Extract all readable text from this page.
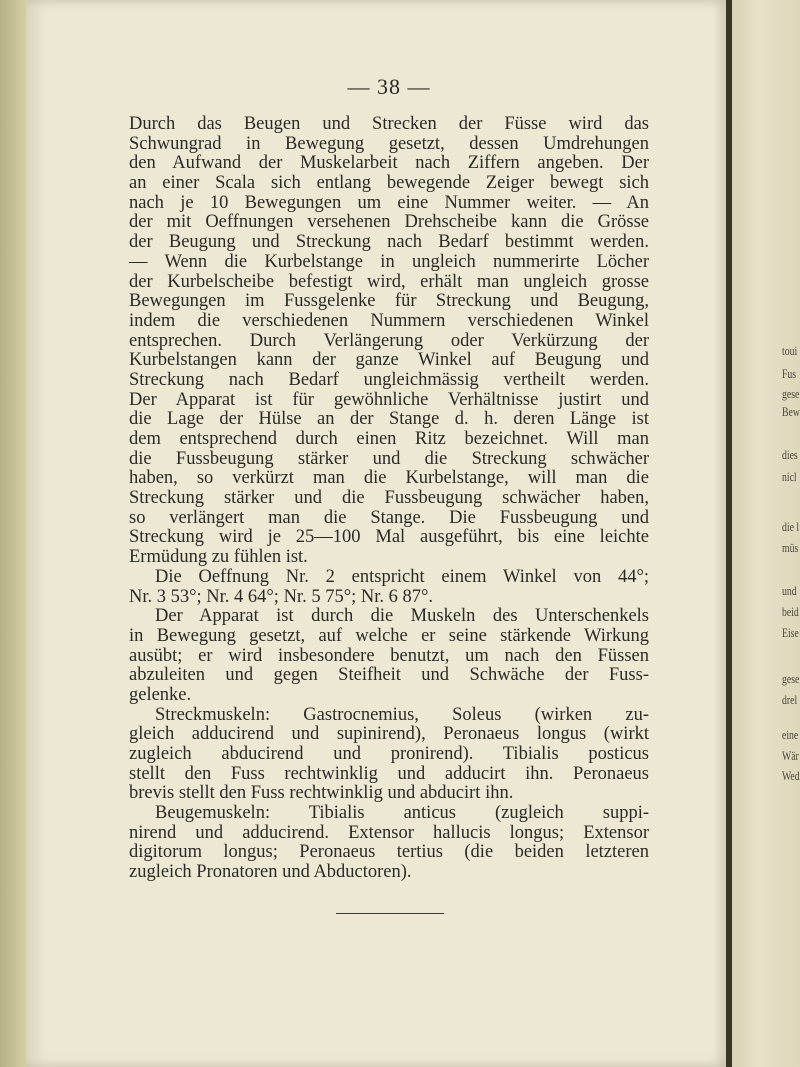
— 38 —
Durch das Beugen und Strecken der Füsse wird das
Schwungrad in Bewegung gesetzt, dessen Umdrehungen
den Aufwand der Muskelarbeit nach Ziffern angeben. Der
an einer Scala sich entlang bewegende Zeiger bewegt sich
nach je 10 Bewegungen um eine Nummer weiter. — An
der mit Oeffnungen versehenen Drehscheibe kann die Grösse
der Beugung und Streckung nach Bedarf bestimmt werden.
— Wenn die Kurbelstange in ungleich nummerirte Löcher
der Kurbelscheibe befestigt wird, erhält man ungleich grosse
Bewegungen im Fussgelenke für Streckung und Beugung,
indem die verschiedenen Nummern verschiedenen Winkel
entsprechen. Durch Verlängerung oder Verkürzung der
Kurbelstangen kann der ganze Winkel auf Beugung und
Streckung nach Bedarf ungleichmässig vertheilt werden.
Der Apparat ist für gewöhnliche Verhältnisse justirt und
die Lage der Hülse an der Stange d. h. deren Länge ist
dem entsprechend durch einen Ritz bezeichnet. Will man
die Fussbeugung stärker und die Streckung schwächer
haben, so verkürzt man die Kurbelstange, will man die
Streckung stärker und die Fussbeugung schwächer haben,
so verlängert man die Stange. Die Fussbeugung und
Streckung wird je 25—100 Mal ausgeführt, bis eine leichte
Ermüdung zu fühlen ist.
Die Oeffnung Nr. 2 entspricht einem Winkel von 44°;
Nr. 3 53°; Nr. 4 64°; Nr. 5 75°; Nr. 6 87°.
Der Apparat ist durch die Muskeln des Unterschenkels
in Bewegung gesetzt, auf welche er seine stärkende Wirkung
ausübt; er wird insbesondere benutzt, um nach den Füssen
abzuleiten und gegen Steifheit und Schwäche der Fuss-
gelenke.
Streckmuskeln: Gastrocnemius, Soleus (wirken zu-
gleich adducirend und supinirend), Peronaeus longus (wirkt
zugleich abducirend und pronirend). Tibialis posticus
stellt den Fuss rechtwinklig und adducirt ihn. Peronaeus
brevis stellt den Fuss rechtwinklig und abducirt ihn.
Beugemuskeln: Tibialis anticus (zugleich suppi-
nirend und adducirend. Extensor hallucis longus; Extensor
digitorum longus; Peronaeus tertius (die beiden letzteren
zugleich Pronatoren und Abductoren).
toui
Fus
gese
Bew
dies
nicl
die l
müs
und
beid
Eise
gese
drel
eine
Wär
Wed
